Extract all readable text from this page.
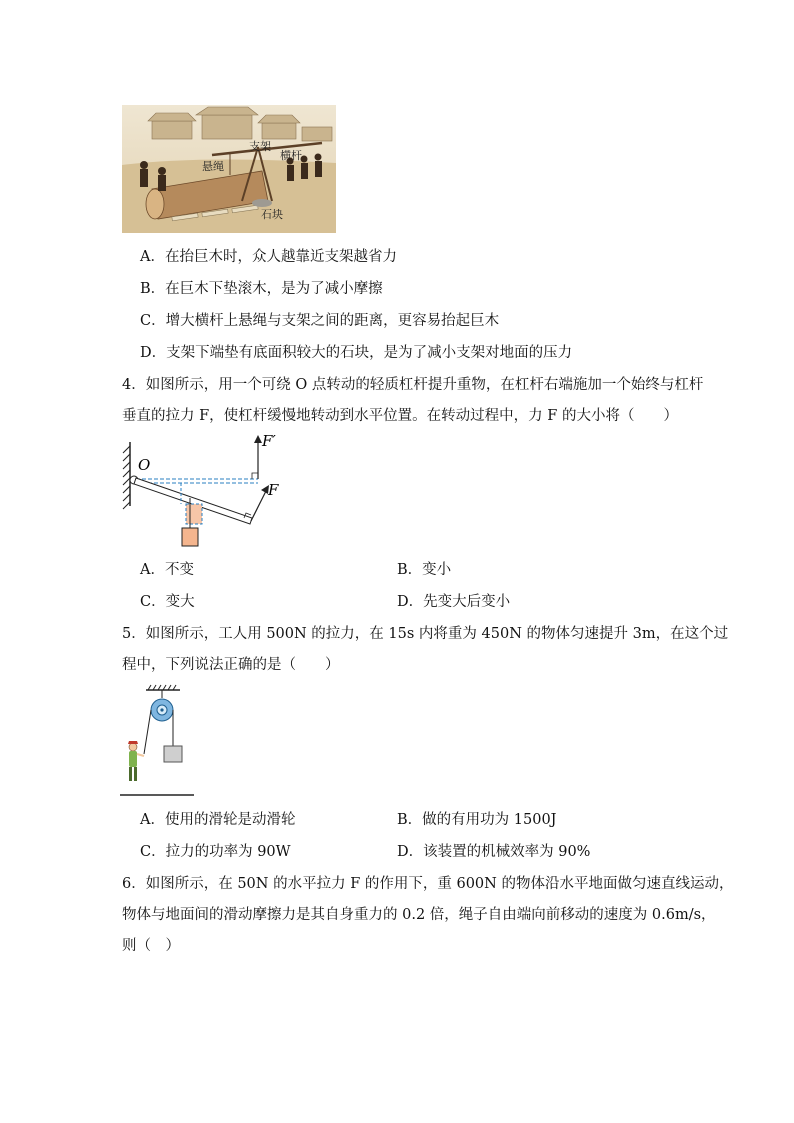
悬绳
支架
横杆
石块
A．在抬巨木时，众人越靠近支架越省力
B．在巨木下垫滚木，是为了减小摩擦
C．增大横杆上悬绳与支架之间的距离，更容易抬起巨木
D．支架下端垫有底面积较大的石块，是为了减小支架对地面的压力
4．如图所示，用一个可绕 O 点转动的轻质杠杆提升重物，在杠杆右端施加一个始终与杠杆
垂直的拉力 F，使杠杆缓慢地转动到水平位置。在转动过程中，力 F 的大小将（　　）
O
F′
F
A．不变	B．变小
C．变大	D．先变大后变小
5．如图所示，工人用 500N 的拉力，在 15s 内将重为 450N 的物体匀速提升 3m，在这个过
程中，下列说法正确的是（　　）
A．使用的滑轮是动滑轮	B．做的有用功为 1500J
C．拉力的功率为 90W	D．该装置的机械效率为 90%
6．如图所示，在 50N 的水平拉力 F 的作用下，重 600N 的物体沿水平地面做匀速直线运动，
物体与地面间的滑动摩擦力是其自身重力的 0.2 倍，绳子自由端向前移动的速度为 0.6m/s，
则（　）
